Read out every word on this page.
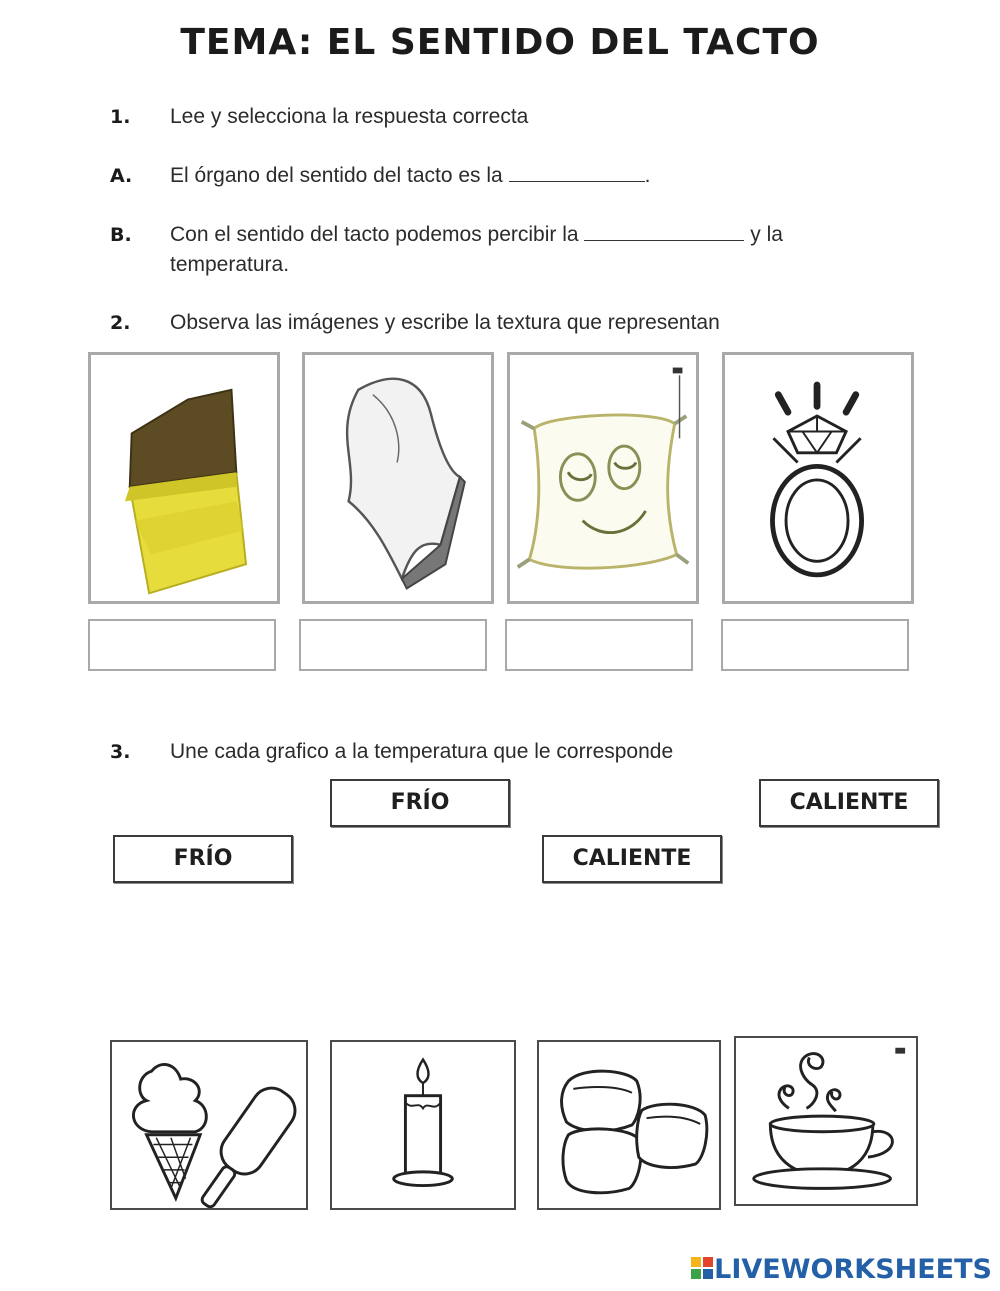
TEMA: EL SENTIDO DEL TACTO
1. Lee y selecciona la respuesta correcta
A. El órgano del sentido del tacto es la	.
B. Con el sentido del tacto podemos percibir la	y la
temperatura.
2. Observa las imágenes y escribe la textura que representan
3. Une cada grafico a la temperatura que le corresponde
FRÍO	CALIENTE
FRÍO	CALIENTE
LIVEWORKSHEETS
